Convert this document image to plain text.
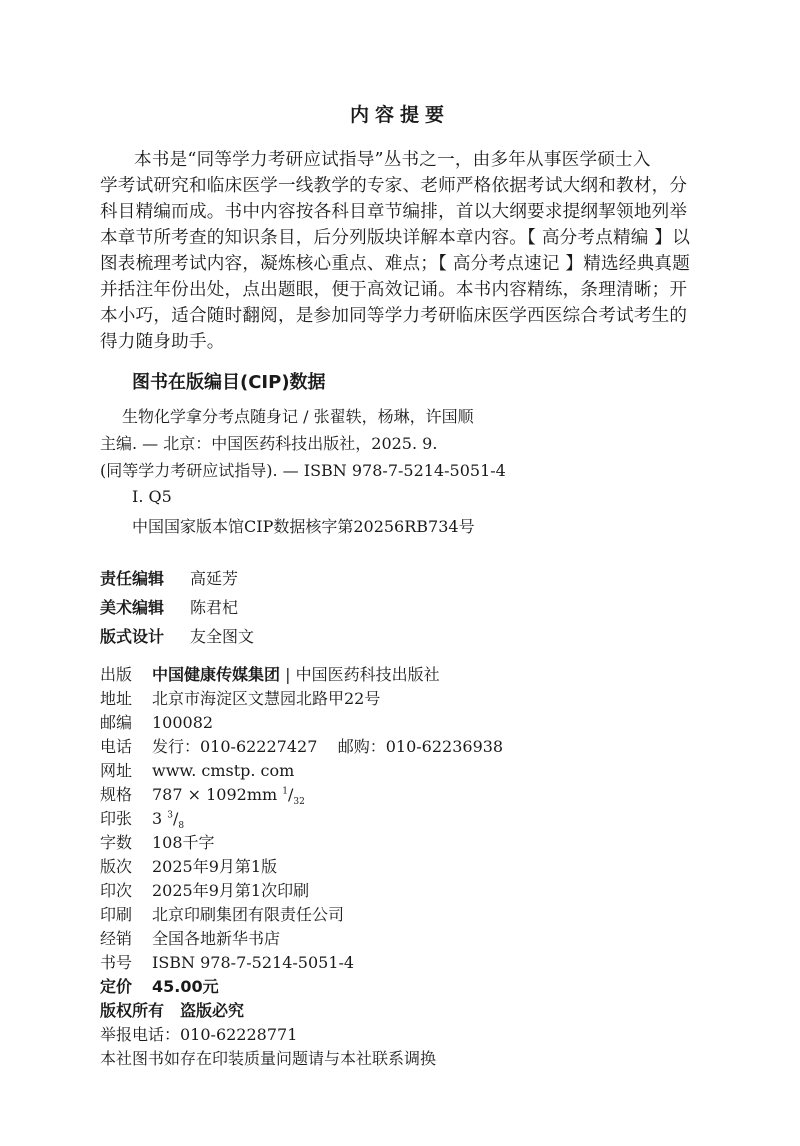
内容提要
本书是“同等学力考研应试指导”丛书之一，由多年从事医学硕士入
学考试研究和临床医学一线教学的专家、老师严格依据考试大纲和教材，分
科目精编而成。书中内容按各科目章节编排，首以大纲要求提纲挈领地列举
本章节所考查的知识条目，后分列版块详解本章内容。【 高分考点精编 】以
图表梳理考试内容，凝炼核心重点、难点；【 高分考点速记 】精选经典真题
并括注年份出处，点出题眼，便于高效记诵。本书内容精练，条理清晰；开
本小巧，适合随时翻阅，是参加同等学力考研临床医学西医综合考试考生的
得力随身助手。
图书在版编目(CIP)数据
生物化学拿分考点随身记 / 张翟轶，杨琳，许国顺
主编. — 北京：中国医药科技出版社，2025. 9.
(同等学力考研应试指导). — ISBN 978-7-5214-5051-4
Ⅰ. Q5
中国国家版本馆CIP数据核字第20256RB734号
责任编辑 高延芳
美术编辑 陈君杞
版式设计 友全图文
出版 中国健康传媒集团 | 中国医药科技出版社
地址 北京市海淀区文慧园北路甲22号
邮编 100082
电话 发行：010-62227427    邮购：010-62236938
网址 www. cmstp. com
规格 787 × 1092mm $^1/_{32}$
印张 3 $^3/_8$
字数 108千字
版次 2025年9月第1版
印次 2025年9月第1次印刷
印刷 北京印刷集团有限责任公司
经销 全国各地新华书店
书号 ISBN 978-7-5214-5051-4
定价 45.00元
版权所有　盗版必究
举报电话：010-62228771
本社图书如存在印装质量问题请与本社联系调换
